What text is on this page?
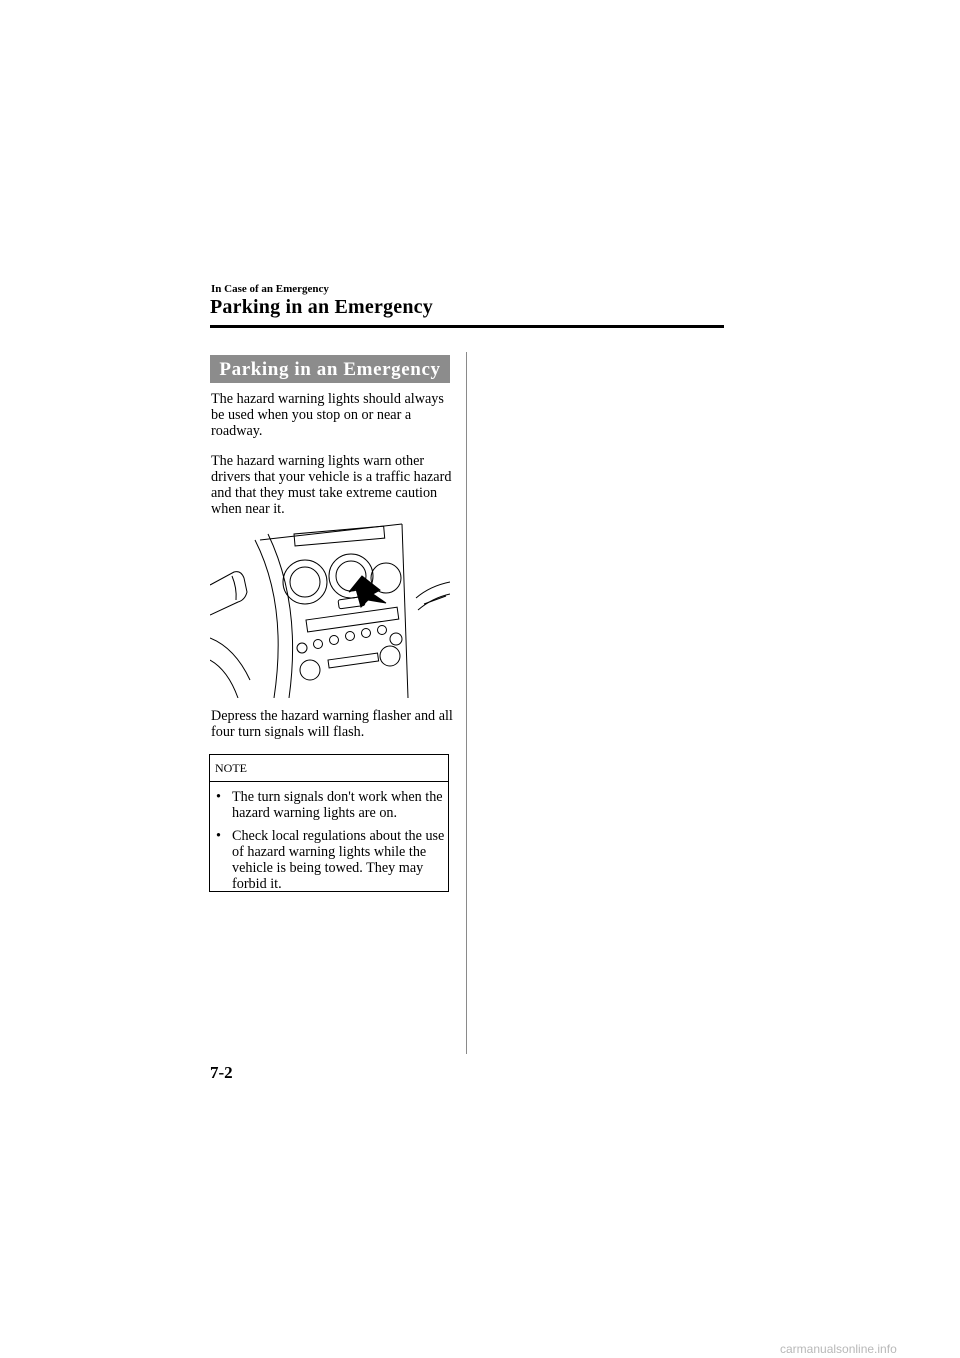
In Case of an Emergency
Parking in an Emergency
Parking in an Emergency
The hazard warning lights should always be used when you stop on or near a roadway.
The hazard warning lights warn other drivers that your vehicle is a traffic hazard and that they must take extreme caution when near it.
Depress the hazard warning flasher and all four turn signals will flash.
NOTE
• The turn signals don't work when the hazard warning lights are on.
• Check local regulations about the use of hazard warning lights while the vehicle is being towed. They may forbid it.
7-2
carmanualsonline.info
